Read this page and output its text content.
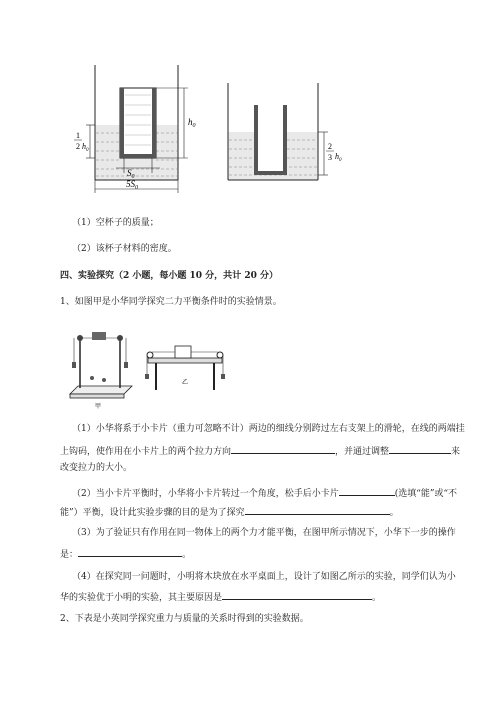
$h_0$
1
2 $h_0$
$S_0$
$5S_0$
2
3 $h_0$
（1）空杯子的质量；
（2）该杯子材料的密度。
四、实验探究（2 小题，每小题 10 分，共计 20 分）
1、如图甲是小华同学探究二力平衡条件时的实验情景。
甲
乙
（1）小华将系于小卡片（重力可忽略不计）两边的细线分别跨过左右支架上的滑轮，在线的两端挂
上钩码，使作用在小卡片上的两个拉力方向	，并通过调整	来
改变拉力的大小。
（2）当小卡片平衡时，小华将小卡片转过一个角度，松手后小卡片	(选填“能”或“不
能”）平衡，设计此实验步骤的目的是为了探究	。
（3）为了验证只有作用在同一物体上的两个力才能平衡，在图甲所示情况下，小华下一步的操作
是：	。
（4）在探究同一问题时，小明将木块放在水平桌面上，设计了如图乙所示的实验，同学们认为小
华的实验优于小明的实验，其主要原因是	。
2、下表是小英同学探究重力与质量的关系时得到的实验数据。
